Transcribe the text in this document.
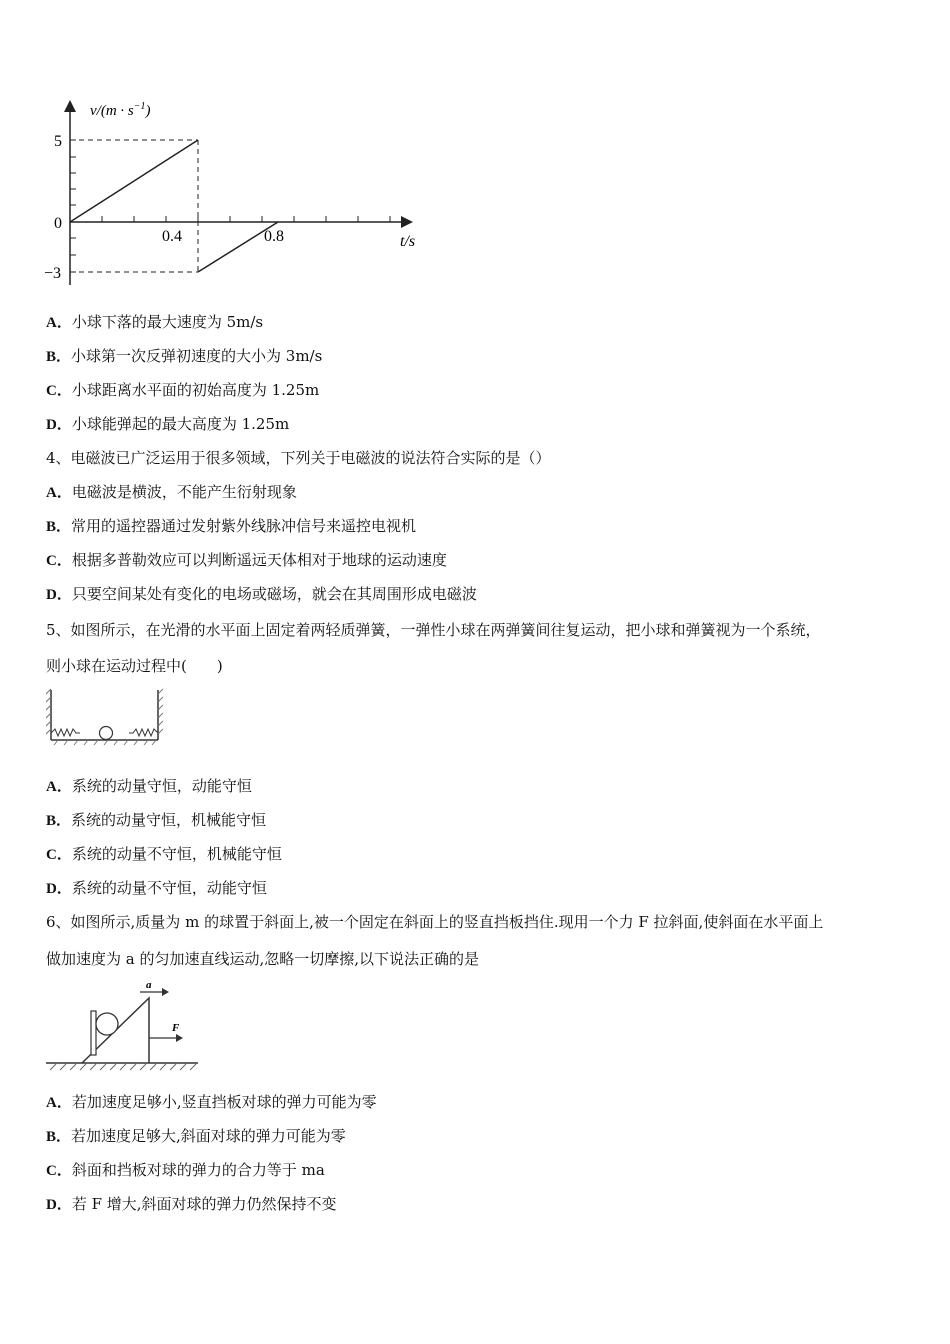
$v/(m \cdot s^{-1})$
5
0
−3
0.4	0.8	t/s
A．小球下落的最大速度为 5m/s
B．小球第一次反弹初速度的大小为 3m/s
C．小球距离水平面的初始高度为 1.25m
D．小球能弹起的最大高度为 1.25m
4、电磁波已广泛运用于很多领域，下列关于电磁波的说法符合实际的是（）
A．电磁波是横波，不能产生衍射现象
B．常用的遥控器通过发射紫外线脉冲信号来遥控电视机
C．根据多普勒效应可以判断遥远天体相对于地球的运动速度
D．只要空间某处有变化的电场或磁场，就会在其周围形成电磁波
5、如图所示，在光滑的水平面上固定着两轻质弹簧，一弹性小球在两弹簧间往复运动，把小球和弹簧视为一个系统，
则小球在运动过程中(　　)
A．系统的动量守恒，动能守恒
B．系统的动量守恒，机械能守恒
C．系统的动量不守恒，机械能守恒
D．系统的动量不守恒，动能守恒
6、如图所示,质量为 m 的球置于斜面上,被一个固定在斜面上的竖直挡板挡住.现用一个力 F 拉斜面,使斜面在水平面上
做加速度为 a 的匀加速直线运动,忽略一切摩擦,以下说法正确的是
a
F
A．若加速度足够小,竖直挡板对球的弹力可能为零
B．若加速度足够大,斜面对球的弹力可能为零
C．斜面和挡板对球的弹力的合力等于 ma
D．若 F 增大,斜面对球的弹力仍然保持不变
